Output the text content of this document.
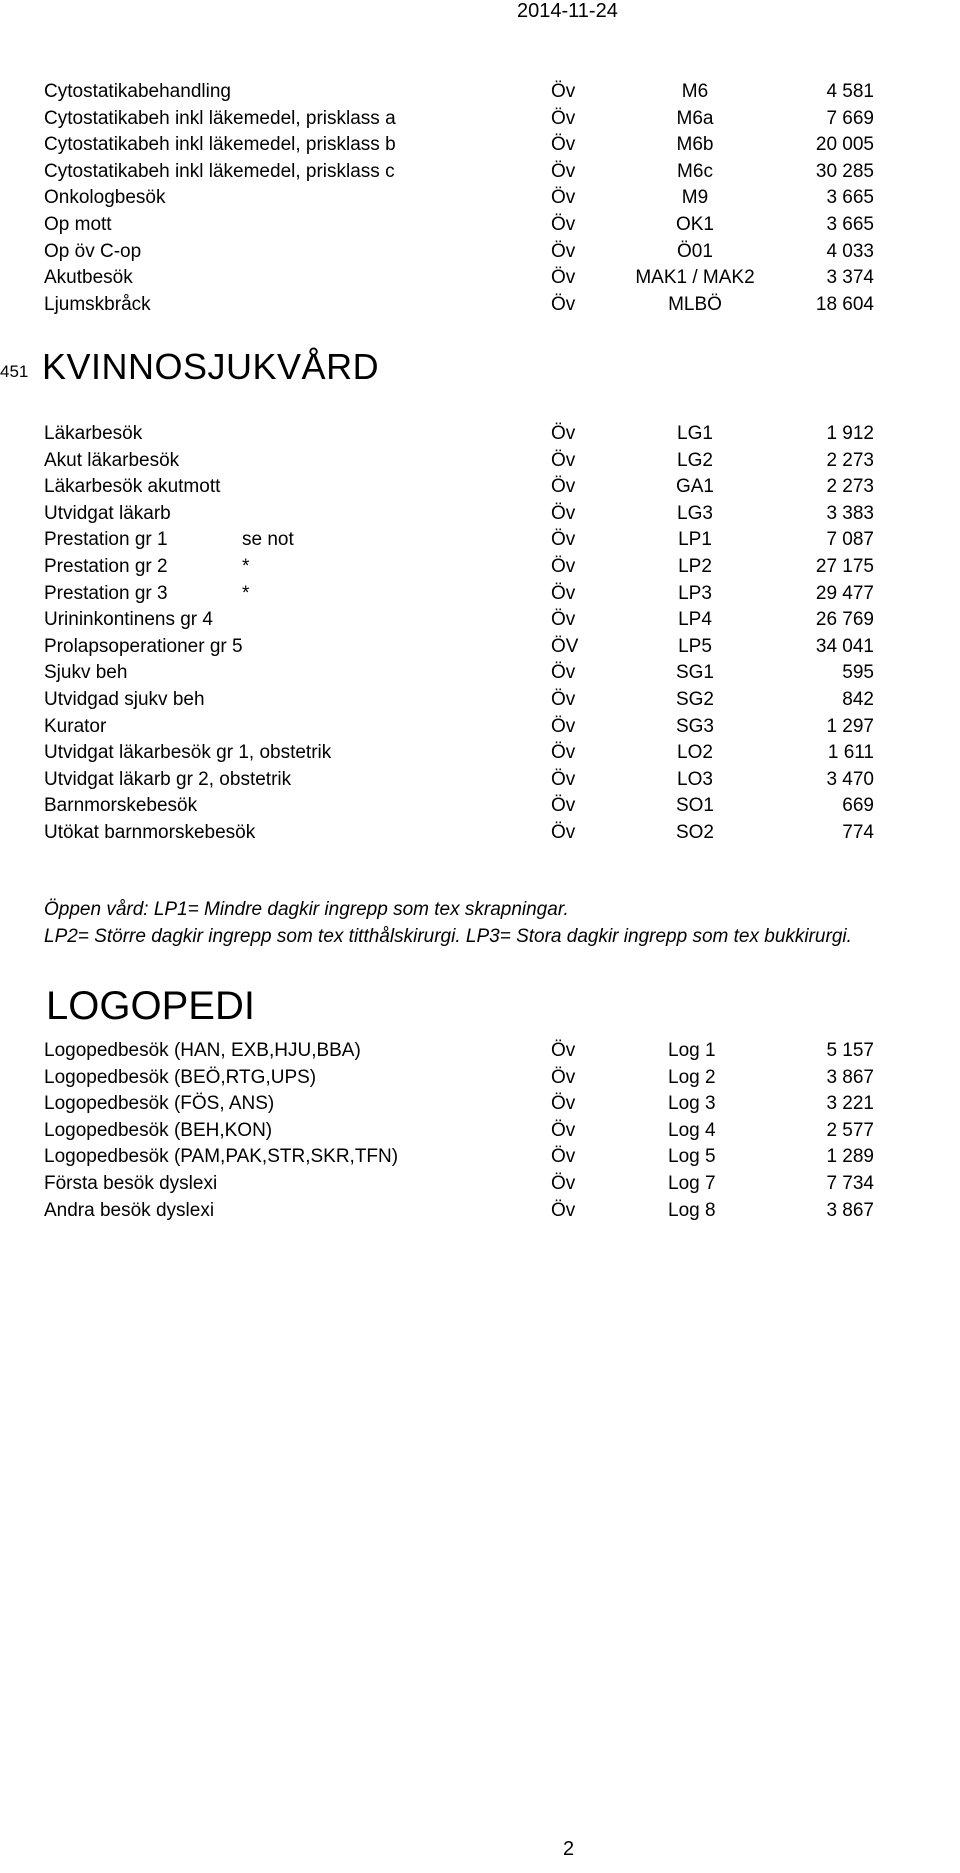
2014-11-24
Cytostatikabehandling	Öv	M6	4 581
Cytostatikabeh inkl läkemedel, prisklass a	Öv	M6a	7 669
Cytostatikabeh inkl läkemedel, prisklass b	Öv	M6b	20 005
Cytostatikabeh inkl läkemedel, prisklass c	Öv	M6c	30 285
Onkologbesök	Öv	M9	3 665
Op mott	Öv	OK1	3 665
Op öv C-op	Öv	Ö01	4 033
Akutbesök	Öv	MAK1 / MAK2	3 374
Ljumskbråck	Öv	MLBÖ	18 604
451 KVINNOSJUKVÅRD
Läkarbesök	Öv	LG1	1 912
Akut läkarbesök	Öv	LG2	2 273
Läkarbesök akutmott	Öv	GA1	2 273
Utvidgat läkarb	Öv	LG3	3 383
Prestation gr 1	se not	Öv	LP1	7 087
Prestation gr 2	*	Öv	LP2	27 175
Prestation gr 3	*	Öv	LP3	29 477
Urininkontinens gr 4	Öv	LP4	26 769
Prolapsoperationer gr 5	ÖV	LP5	34 041
Sjukv beh	Öv	SG1	595
Utvidgad sjukv beh	Öv	SG2	842
Kurator	Öv	SG3	1 297
Utvidgat läkarbesök gr 1, obstetrik	Öv	LO2	1 611
Utvidgat läkarb gr 2, obstetrik	Öv	LO3	3 470
Barnmorskebesök	Öv	SO1	669
Utökat barnmorskebesök	Öv	SO2	774
Öppen vård: LP1= Mindre dagkir ingrepp som tex skrapningar.
LP2= Större dagkir ingrepp som tex titthålskirurgi. LP3= Stora dagkir ingrepp som tex bukkirurgi.
LOGOPEDI
Logopedbesök (HAN, EXB,HJU,BBA)	Öv	Log 1	5 157
Logopedbesök (BEÖ,RTG,UPS)	Öv	Log 2	3 867
Logopedbesök (FÖS, ANS)	Öv	Log 3	3 221
Logopedbesök (BEH,KON)	Öv	Log 4	2 577
Logopedbesök (PAM,PAK,STR,SKR,TFN)	Öv	Log 5	1 289
Första besök dyslexi	Öv	Log 7	7 734
Andra besök dyslexi	Öv	Log 8	3 867
2
